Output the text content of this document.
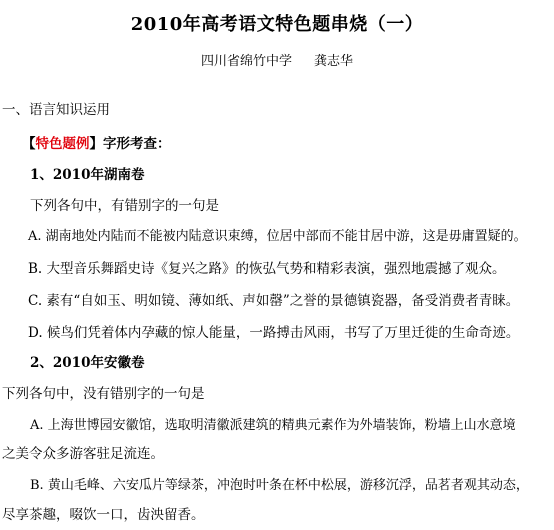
2010年高考语文特色题串烧（一）
四川省绵竹中学 龚志华
一、语言知识运用
【特色题例】字形考查：
1、2010年湖南卷
下列各句中，有错别字的一句是
A. 湖南地处内陆而不能被内陆意识束缚，位居中部而不能甘居中游，这是毋庸置疑的。
B. 大型音乐舞蹈史诗《复兴之路》的恢弘气势和精彩表演，强烈地震撼了观众。
C. 素有“自如玉、明如镜、薄如纸、声如罄”之誉的景德镇瓷器，备受消费者青睐。
D. 候鸟们凭着体内孕藏的惊人能量，一路搏击风雨，书写了万里迁徙的生命奇迹。
2、2010年安徽卷
下列各句中，没有错别字的一句是
A. 上海世博园安徽馆，选取明清徽派建筑的精典元素作为外墙装饰，粉墙上山水意境
之美令众多游客驻足流连。
B. 黄山毛峰、六安瓜片等绿茶，冲泡时叶条在杯中松展，游移沉浮，品茗者观其动态，
尽享茶趣，啜饮一口，齿泱留香。
